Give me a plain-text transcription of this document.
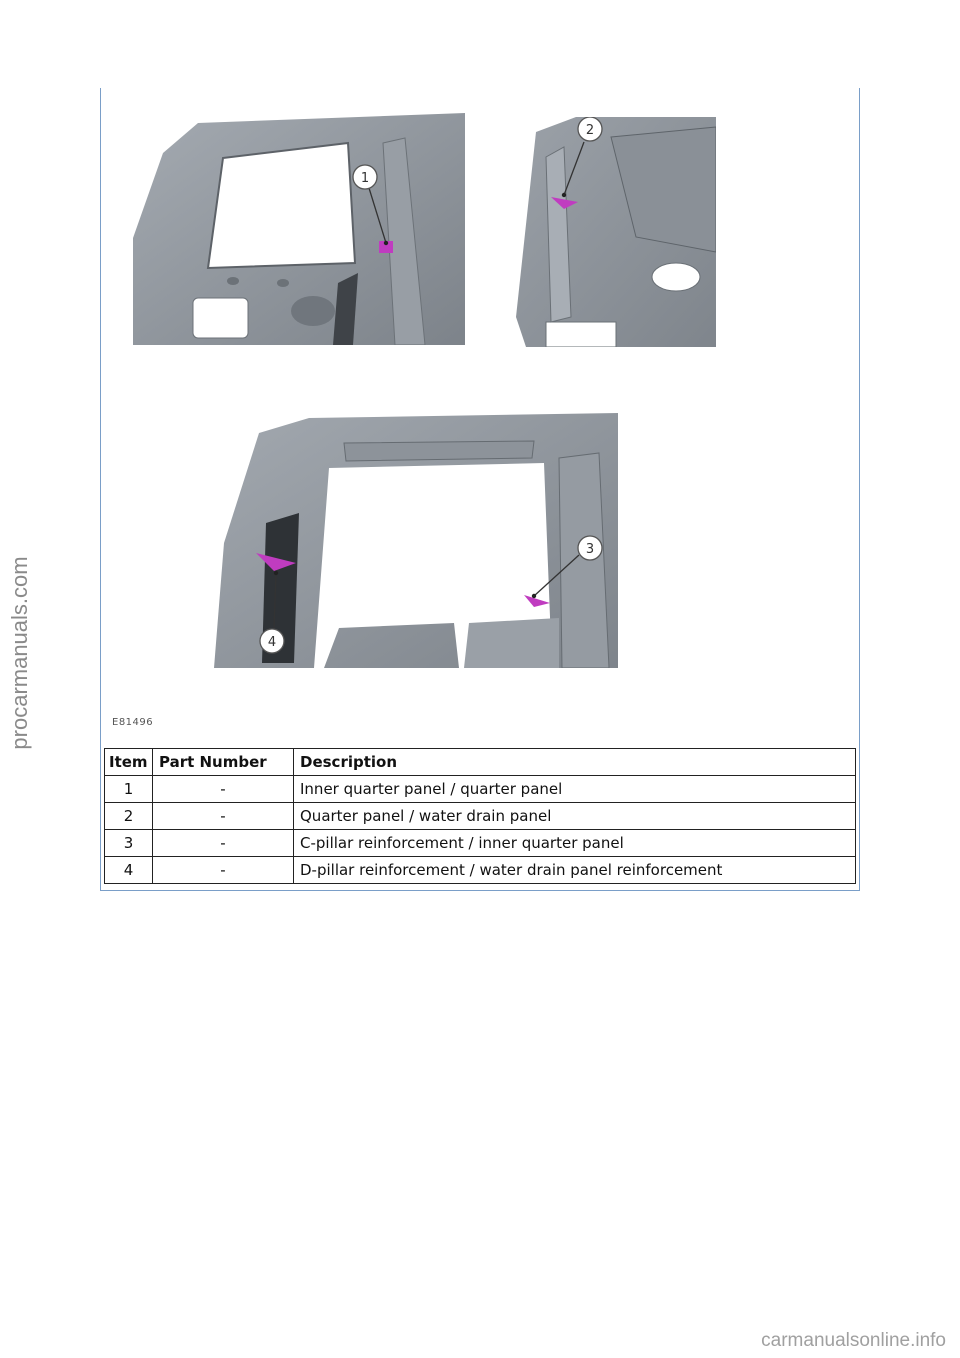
1
2
3
4
E81496
Item	Part Number	Description
1	-	Inner quarter panel / quarter panel
2	-	Quarter panel / water drain panel
3	-	C-pillar reinforcement / inner quarter panel
4	-	D-pillar reinforcement / water drain panel reinforcement
procarmanuals.com
carmanualsonline.info
